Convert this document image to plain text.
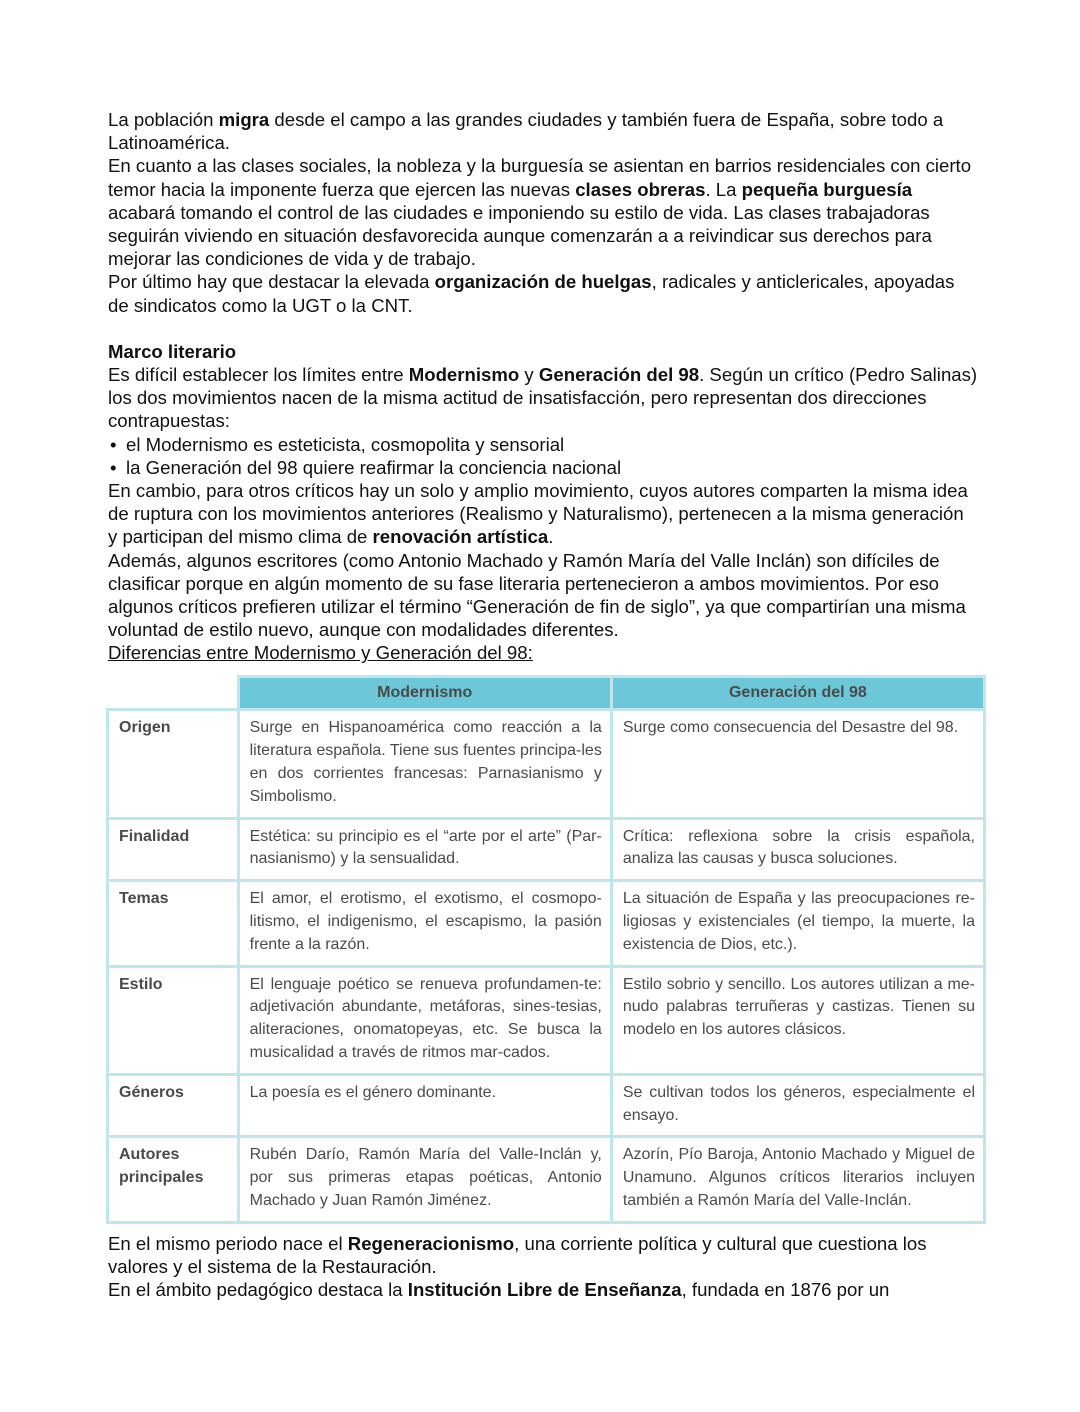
La población migra desde el campo a las grandes ciudades y también fuera de España, sobre todo a Latinoamérica.

En cuanto a las clases sociales, la nobleza y la burguesía se asientan en barrios residenciales con cierto temor hacia la imponente fuerza que ejercen las nuevas clases obreras. La pequeña burguesía acabará tomando el control de las ciudades e imponiendo su estilo de vida. Las clases trabajadoras seguirán viviendo en situación desfavorecida aunque comenzarán a a reivindicar sus derechos para mejorar las condiciones de vida y de trabajo.

Por último hay que destacar la elevada organización de huelgas, radicales y anticlericales, apoyadas de sindicatos como la UGT o la CNT.

Marco literario

Es difícil establecer los límites entre Modernismo y Generación del 98. Según un crítico (Pedro Salinas) los dos movimientos nacen de la misma actitud de insatisfacción, pero representan dos direcciones contrapuestas:

• el Modernismo es esteticista, cosmopolita y sensorial
• la Generación del 98 quiere reafirmar la conciencia nacional

En cambio, para otros críticos hay un solo y amplio movimiento, cuyos autores comparten la misma idea de ruptura con los movimientos anteriores (Realismo y Naturalismo), pertenecen a la misma generación y participan del mismo clima de renovación artística.

Además, algunos escritores (como Antonio Machado y Ramón María del Valle Inclán) son difíciles de clasificar porque en algún momento de su fase literaria pertenecieron a ambos movimientos. Por eso algunos críticos prefieren utilizar el término “Generación de fin de siglo”, ya que compartirían una misma voluntad de estilo nuevo, aunque con modalidades diferentes.

Diferencias entre Modernismo y Generación del 98:

	Modernismo	Generación del 98
Origen	Surge en Hispanoamérica como reacción a la literatura española. Tiene sus fuentes principa-les en dos corrientes francesas: Parnasianismo y Simbolismo.	Surge como consecuencia del Desastre del 98.
Finalidad	Estética: su principio es el “arte por el arte” (Par-nasianismo) y la sensualidad.	Crítica: reflexiona sobre la crisis española, analiza las causas y busca soluciones.
Temas	El amor, el erotismo, el exotismo, el cosmopo-litismo, el indigenismo, el escapismo, la pasión frente a la razón.	La situación de España y las preocupaciones re-ligiosas y existenciales (el tiempo, la muerte, la existencia de Dios, etc.).
Estilo	El lenguaje poético se renueva profundamen-te: adjetivación abundante, metáforas, sines-tesias, aliteraciones, onomatopeyas, etc. Se busca la musicalidad a través de ritmos mar-cados.	Estilo sobrio y sencillo. Los autores utilizan a me-nudo palabras terruñeras y castizas. Tienen su modelo en los autores clásicos.
Géneros	La poesía es el género dominante.	Se cultivan todos los géneros, especialmente el ensayo.
Autores principales	Rubén Darío, Ramón María del Valle-Inclán y, por sus primeras etapas poéticas, Antonio Machado y Juan Ramón Jiménez.	Azorín, Pío Baroja, Antonio Machado y Miguel de Unamuno. Algunos críticos literarios incluyen también a Ramón María del Valle-Inclán.

En el mismo periodo nace el Regeneracionismo, una corriente política y cultural que cuestiona los valores y el sistema de la Restauración.

En el ámbito pedagógico destaca la Institución Libre de Enseñanza, fundada en 1876 por un
